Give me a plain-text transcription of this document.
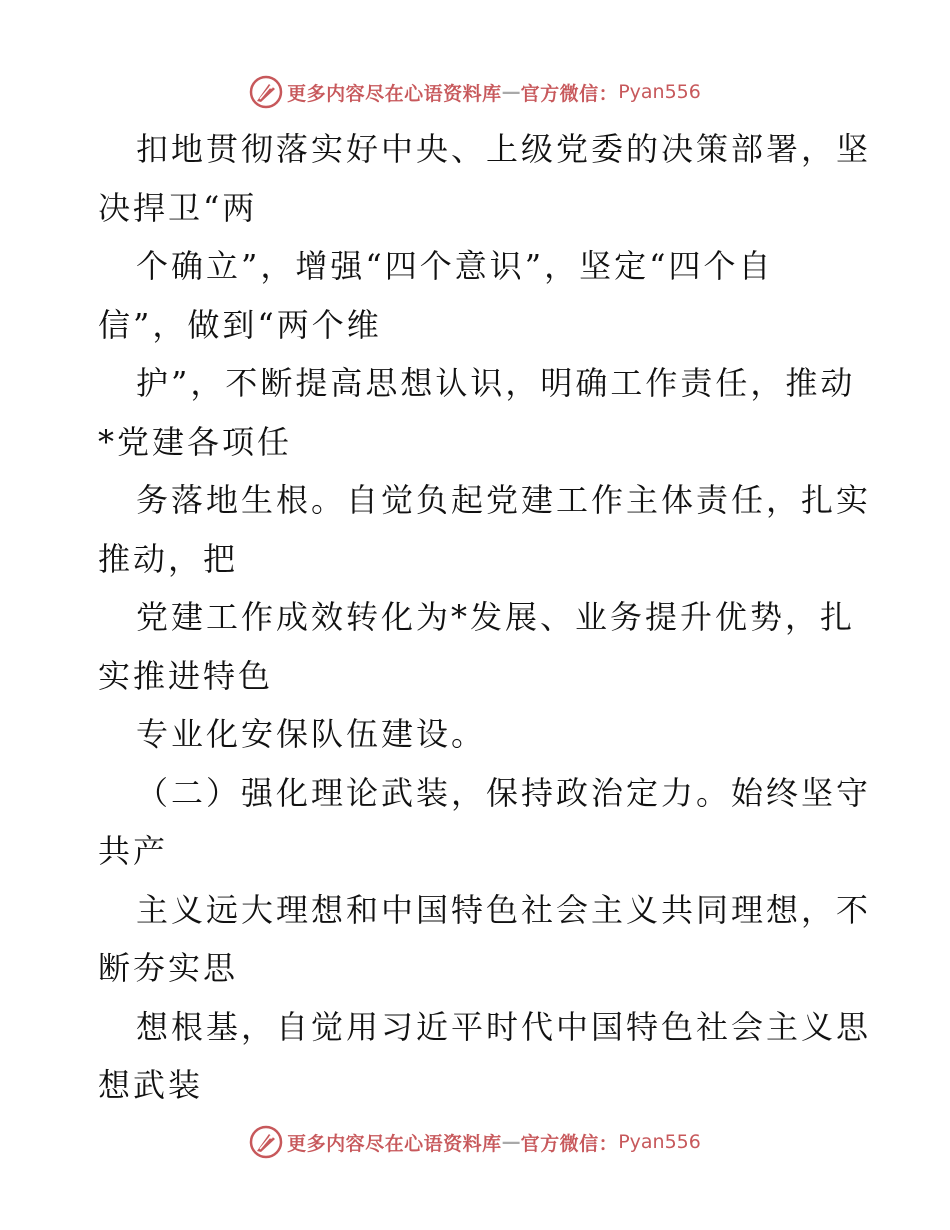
更多内容尽在心语资料库 — 官方微信： Pyan556
扣地贯彻落实好中央、上级党委的决策部署，坚
决捍卫“两
个确立”，增强“四个意识”，坚定“四个自
信”，做到“两个维
护”，不断提高思想认识，明确工作责任，推动
*党建各项任
务落地生根。自觉负起党建工作主体责任，扎实
推动，把
党建工作成效转化为*发展、业务提升优势，扎
实推进特色
专业化安保队伍建设。
（二）强化理论武装，保持政治定力。始终坚守
共产
主义远大理想和中国特色社会主义共同理想，不
断夯实思
想根基，自觉用习近平时代中国特色社会主义思
想武装
更多内容尽在心语资料库 — 官方微信： Pyan556
